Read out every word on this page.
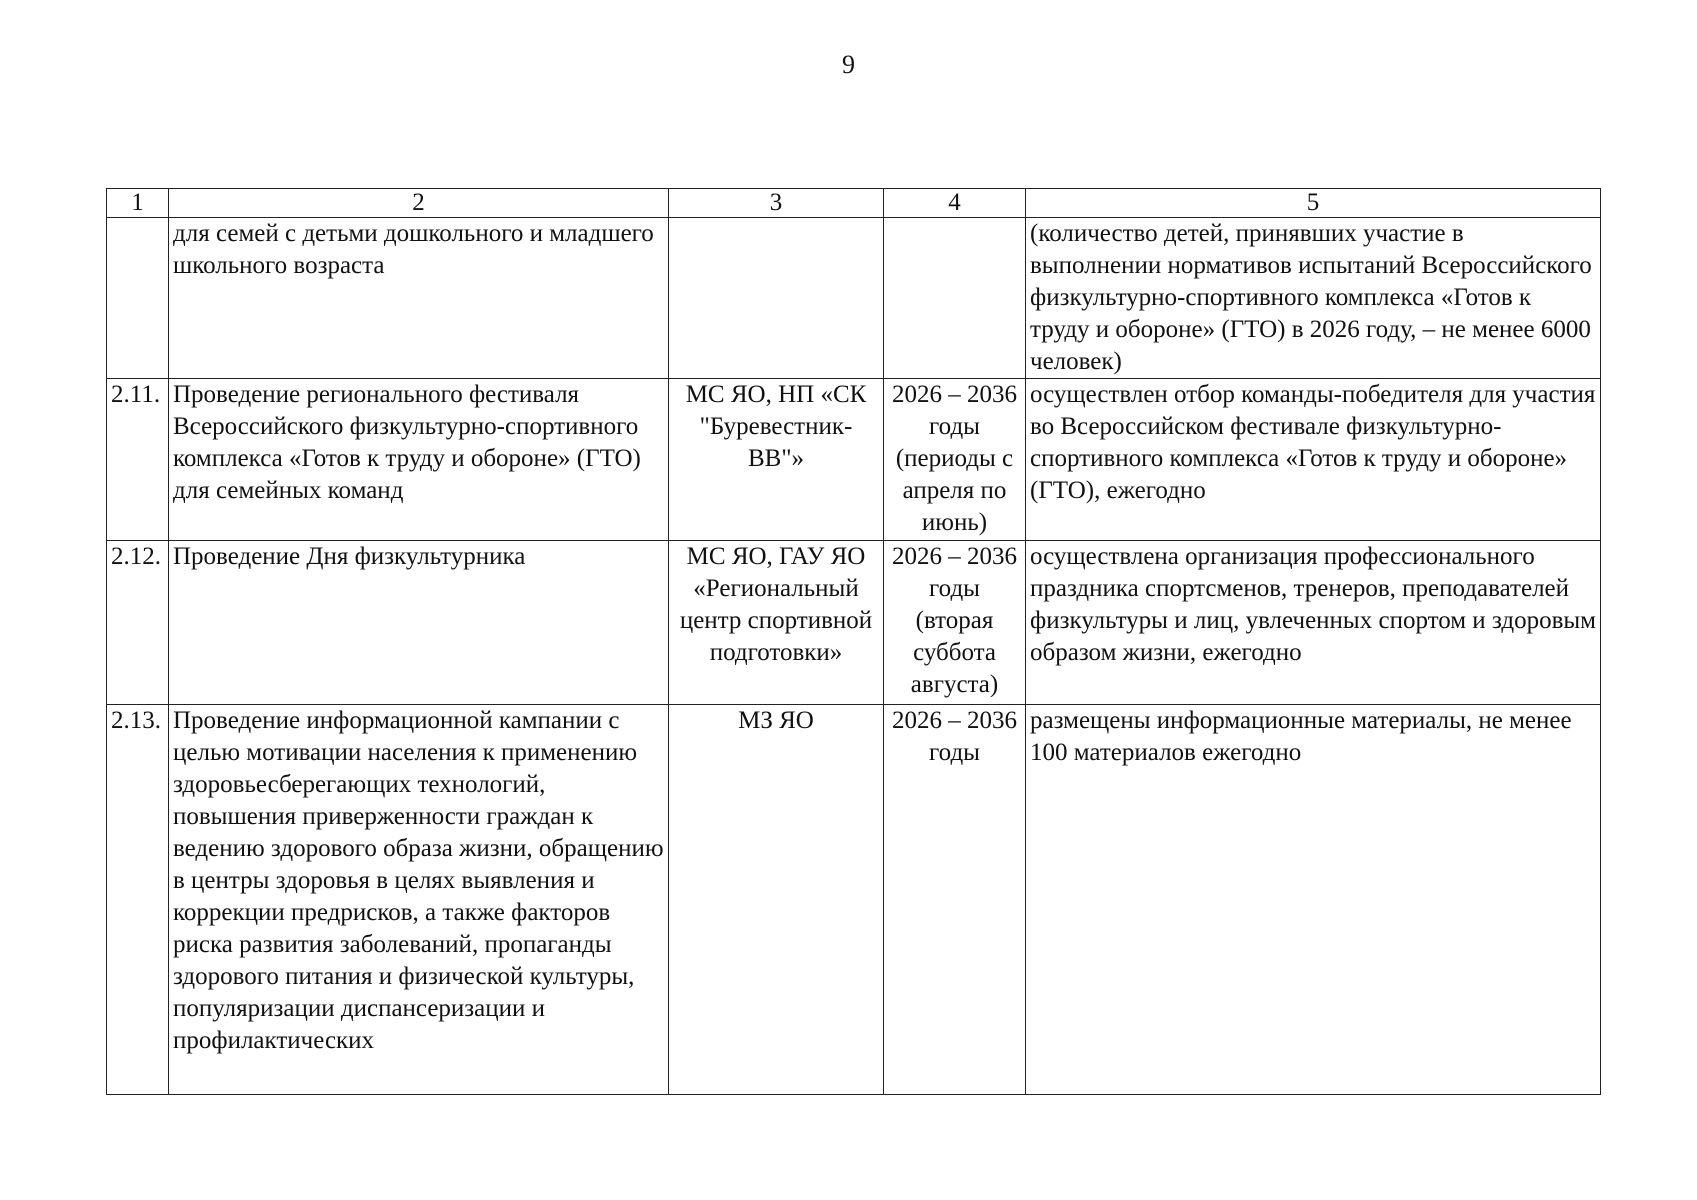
9
1	2	3	4	5
	для семей с детьми дошкольного и младшего школьного возраста			(количество детей, принявших участие в выполнении нормативов испытаний Всероссийского физкультурно-спортивного комплекса «Готов к труду и обороне» (ГТО) в 2026 году, – не менее 6000 человек)
2.11.	Проведение регионального фестиваля Всероссийского физкультурно-спортивного комплекса «Готов к труду и обороне» (ГТО) для семейных команд	МС ЯО, НП «СК "Буревестник-ВВ"»	2026 – 2036 годы (периоды с апреля по июнь)	осуществлен отбор команды-победителя для участия во Всероссийском фестивале физкультурно-спортивного комплекса «Готов к труду и обороне» (ГТО), ежегодно
2.12.	Проведение Дня физкультурника	МС ЯО, ГАУ ЯО «Региональный центр спортивной подготовки»	2026 – 2036 годы (вторая суббота августа)	осуществлена организация профессионального праздника спортсменов, тренеров, преподавателей физкультуры и лиц, увлеченных спортом и здоровым образом жизни, ежегодно
2.13.	Проведение информационной кампании с целью мотивации населения к применению здоровьесберегающих технологий, повышения приверженности граждан к ведению здорового образа жизни, обращению в центры здоровья в целях выявления и коррекции предрисков, а также факторов риска развития заболеваний, пропаганды здорового питания и физической культуры, популяризации диспансеризации и профилактических	МЗ ЯО	2026 – 2036 годы	размещены информационные материалы, не менее 100 материалов ежегодно
